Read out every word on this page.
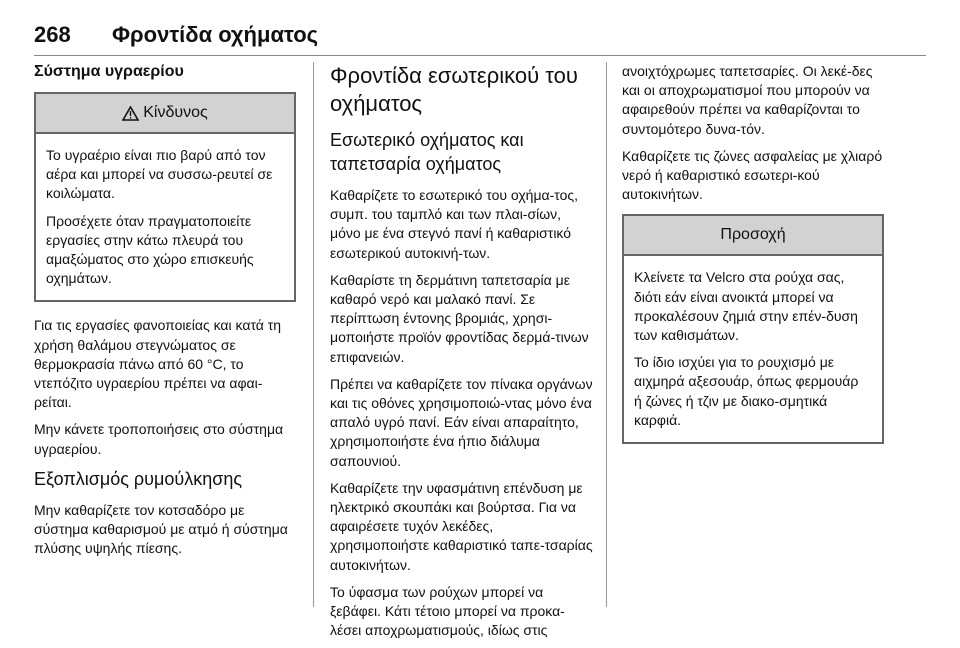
268 Φροντίδα οχήματος
Σύστημα υγραερίου
Κίνδυνος

Το υγραέριο είναι πιο βαρύ από τον αέρα και μπορεί να συσσω-ρευτεί σε κοιλώματα.

Προσέχετε όταν πραγματοποιείτε εργασίες στην κάτω πλευρά του αμαξώματος στο χώρο επισκευής οχημάτων.

Για τις εργασίες φανοποιείας και κατά τη χρήση θαλάμου στεγνώματος σε θερμοκρασία πάνω από 60 °C, το ντεπόζιτο υγραερίου πρέπει να αφαι-ρείται.

Μην κάνετε τροποποιήσεις στο σύστημα υγραερίου.

Εξοπλισμός ρυμούλκησης

Μην καθαρίζετε τον κοτσαδόρο με σύστημα καθαρισμού με ατμό ή σύστημα πλύσης υψηλής πίεσης.

Φροντίδα εσωτερικού του οχήματος
Εσωτερικό οχήματος και ταπετσαρία οχήματος

Καθαρίζετε το εσωτερικό του οχήμα-τος, συμπ. του ταμπλό και των πλαι-σίων, μόνο με ένα στεγνό πανί ή καθαριστικό εσωτερικού αυτοκινή-των.

Καθαρίστε τη δερμάτινη ταπετσαρία με καθαρό νερό και μαλακό πανί. Σε περίπτωση έντονης βρομιάς, χρησι-μοποιήστε προϊόν φροντίδας δερμά-τινων επιφανειών.

Πρέπει να καθαρίζετε τον πίνακα οργάνων και τις οθόνες χρησιμοποιώ-ντας μόνο ένα απαλό υγρό πανί. Εάν είναι απαραίτητο, χρησιμοποιήστε ένα ήπιο διάλυμα σαπουνιού.

Καθαρίζετε την υφασμάτινη επένδυση με ηλεκτρικό σκουπάκι και βούρτσα. Για να αφαιρέσετε τυχόν λεκέδες, χρησιμοποιήστε καθαριστικό ταπε-τσαρίας αυτοκινήτων.

Το ύφασμα των ρούχων μπορεί να ξεβάφει. Κάτι τέτοιο μπορεί να προκα-λέσει αποχρωματισμούς, ιδίως στις

ανοιχτόχρωμες ταπετσαρίες. Οι λεκέ-δες και οι αποχρωματισμοί που μπορούν να αφαιρεθούν πρέπει να καθαρίζονται το συντομότερο δυνα-τόν.

Καθαρίζετε τις ζώνες ασφαλείας με χλιαρό νερό ή καθαριστικό εσωτερι-κού αυτοκινήτων.

Προσοχή

Κλείνετε τα Velcro στα ρούχα σας, διότι εάν είναι ανοικτά μπορεί να προκαλέσουν ζημιά στην επέν-δυση των καθισμάτων.

Το ίδιο ισχύει για το ρουχισμό με αιχμηρά αξεσουάρ, όπως φερμουάρ ή ζώνες ή τζιν με διακο-σμητικά καρφιά.
